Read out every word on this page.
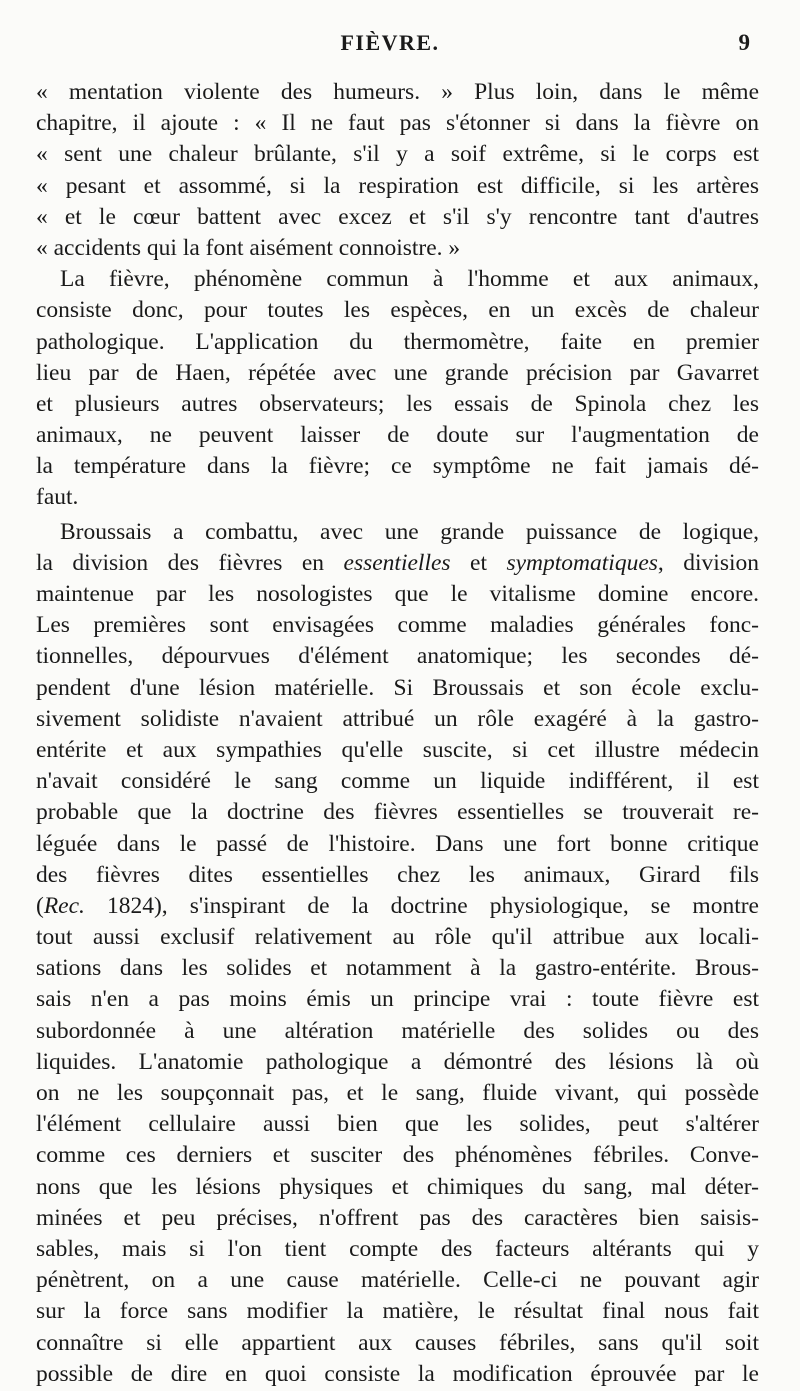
FIÈVRE.	9
« mentation violente des humeurs. » Plus loin, dans le même
chapitre, il ajoute : « Il ne faut pas s'étonner si dans la fièvre on
« sent une chaleur brûlante, s'il y a soif extrême, si le corps est
« pesant et assommé, si la respiration est difficile, si les artères
« et le cœur battent avec excez et s'il s'y rencontre tant d'autres
« accidents qui la font aisément connoistre. »
La fièvre, phénomène commun à l'homme et aux animaux,
consiste donc, pour toutes les espèces, en un excès de chaleur
pathologique. L'application du thermomètre, faite en premier
lieu par de Haen, répétée avec une grande précision par Gavarret
et plusieurs autres observateurs; les essais de Spinola chez les
animaux, ne peuvent laisser de doute sur l'augmentation de
la température dans la fièvre; ce symptôme ne fait jamais dé-
faut.
Broussais a combattu, avec une grande puissance de logique,
la division des fièvres en essentielles et symptomatiques, division
maintenue par les nosologistes que le vitalisme domine encore.
Les premières sont envisagées comme maladies générales fonc-
tionnelles, dépourvues d'élément anatomique; les secondes dé-
pendent d'une lésion matérielle. Si Broussais et son école exclu-
sivement solidiste n'avaient attribué un rôle exagéré à la gastro-
entérite et aux sympathies qu'elle suscite, si cet illustre médecin
n'avait considéré le sang comme un liquide indifférent, il est
probable que la doctrine des fièvres essentielles se trouverait re-
léguée dans le passé de l'histoire. Dans une fort bonne critique
des fièvres dites essentielles chez les animaux, Girard fils
(Rec. 1824), s'inspirant de la doctrine physiologique, se montre
tout aussi exclusif relativement au rôle qu'il attribue aux locali-
sations dans les solides et notamment à la gastro-entérite. Brous-
sais n'en a pas moins émis un principe vrai : toute fièvre est
subordonnée à une altération matérielle des solides ou des
liquides. L'anatomie pathologique a démontré des lésions là où
on ne les soupçonnait pas, et le sang, fluide vivant, qui possède
l'élément cellulaire aussi bien que les solides, peut s'altérer
comme ces derniers et susciter des phénomènes fébriles. Conve-
nons que les lésions physiques et chimiques du sang, mal déter-
minées et peu précises, n'offrent pas des caractères bien saisis-
sables, mais si l'on tient compte des facteurs altérants qui y
pénètrent, on a une cause matérielle. Celle-ci ne pouvant agir
sur la force sans modifier la matière, le résultat final nous fait
connaître si elle appartient aux causes fébriles, sans qu'il soit
possible de dire en quoi consiste la modification éprouvée par le
